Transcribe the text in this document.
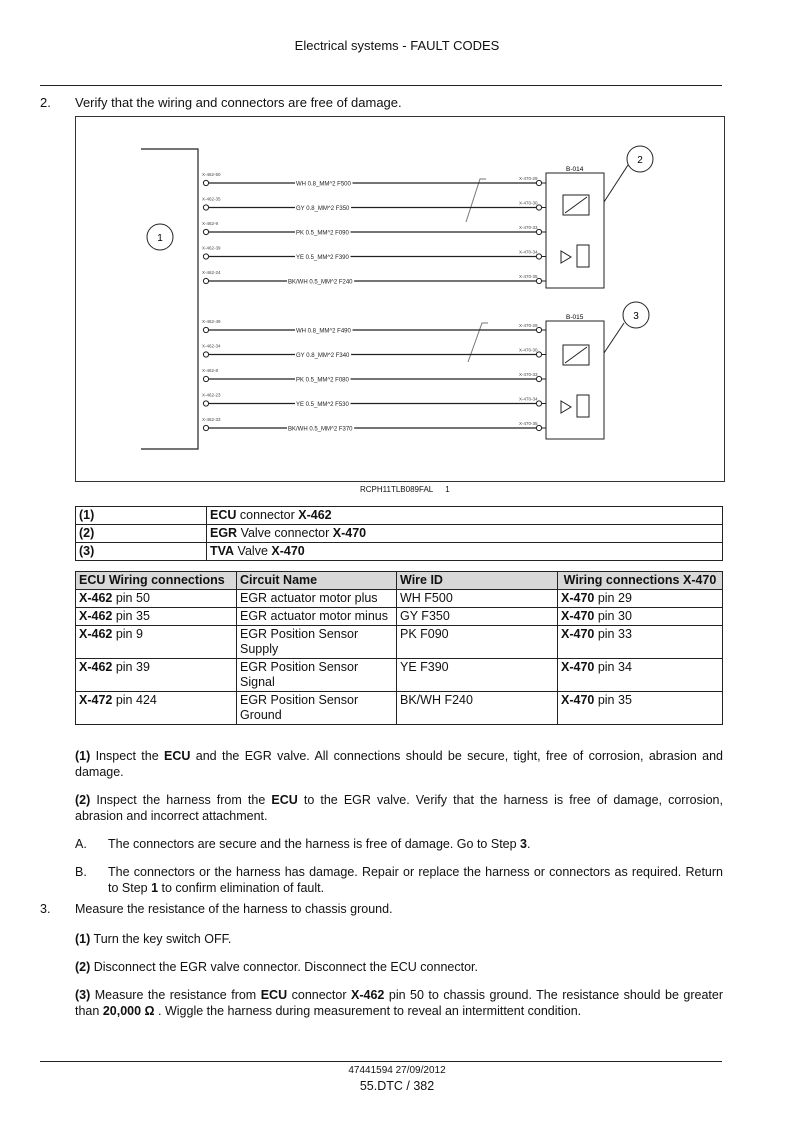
Electrical systems - FAULT CODES
2. Verify that the wiring and connectors are free of damage.
1
B-014
2
B-015	3
X-462-50
X-470-29
WH 0.8_MM^2 F500
X-462-35
X-470-30
GY 0.8_MM^2 F350
X-462-9
X-470-33
PK 0.5_MM^2 F090
X-462-39
X-470-34
YE 0.5_MM^2 F390
X-462-24
X-470-35
BK/WH 0.5_MM^2 F240
X-462-49
X-470-29
WH 0.8_MM^2 F490
X-462-34
X-470-30
GY 0.8_MM^2 F340
X-462-8
X-470-33
PK 0.5_MM^2 F080
X-462-23
X-470-34
YE 0.5_MM^2 F530
X-462-33
X-470-35
BK/WH 0.5_MM^2 F370
RCPH11TLB089FAL 1
(1)	ECU connector X-462
(2)	EGR Valve connector X-470
(3)	TVA Valve X-470
ECU Wiring connections	Circuit Name	Wire ID	Wiring connections X-470
X-462 pin 50	EGR actuator motor plus	WH F500	X-470 pin 29
X-462 pin 35	EGR actuator motor minus	GY F350	X-470 pin 30
X-462 pin 9	EGR Position Sensor Supply	PK F090	X-470 pin 33
X-462 pin 39	EGR Position Sensor Signal	YE F390	X-470 pin 34
X-472 pin 424	EGR Position Sensor Ground	BK/WH F240	X-470 pin 35
(1) Inspect the ECU and the EGR valve. All connections should be secure, tight, free of corrosion, abrasion and damage.
(2) Inspect the harness from the ECU to the EGR valve. Verify that the harness is free of damage, corrosion, abrasion and incorrect attachment.
A. The connectors are secure and the harness is free of damage. Go to Step 3.
B. The connectors or the harness has damage. Repair or replace the harness or connectors as required. Return to Step 1 to confirm elimination of fault.
3. Measure the resistance of the harness to chassis ground.
(1) Turn the key switch OFF.
(2) Disconnect the EGR valve connector. Disconnect the ECU connector.
(3) Measure the resistance from ECU connector X-462 pin 50 to chassis ground. The resistance should be greater than 20,000 Ω . Wiggle the harness during measurement to reveal an intermittent condition.
47441594 27/09/2012
55.DTC / 382
